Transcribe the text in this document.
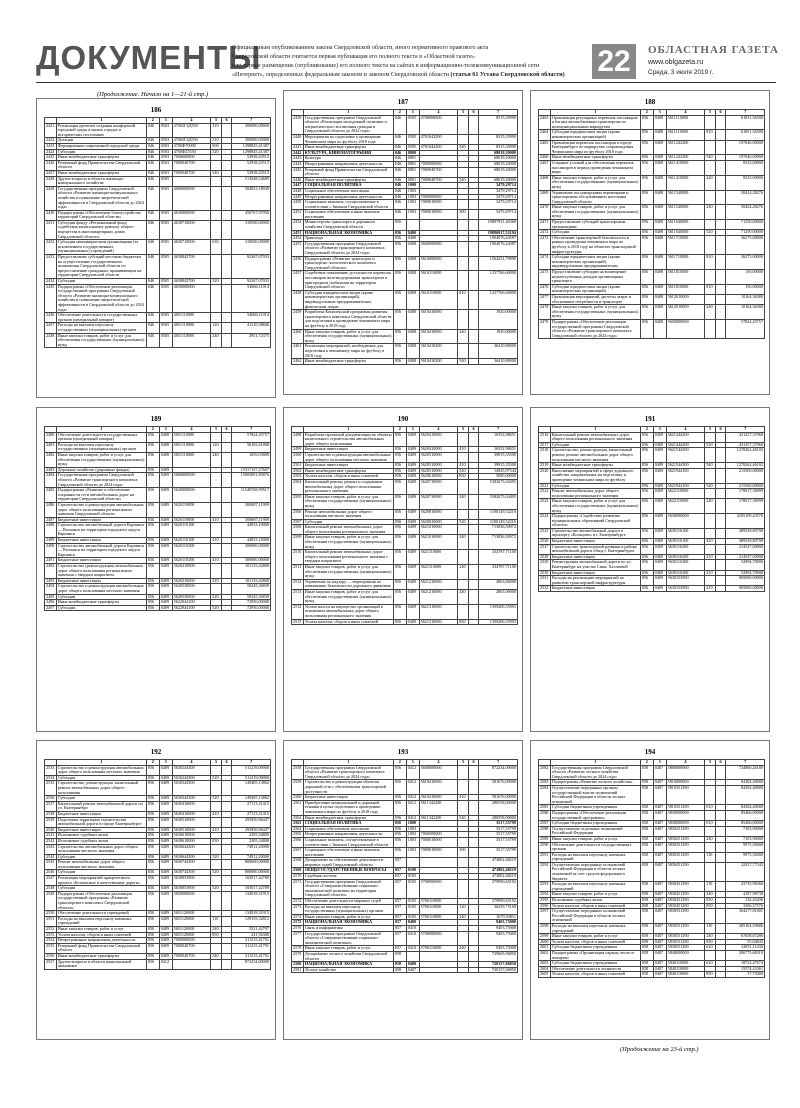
ДОКУМЕНТЫ
Официальным опубликованием закона Свердловской области, иного нормативного правового акта
Свердловской области считается первая публикация его полного текста в «Областной газете»
или первое размещение (опубликование) его полного текста на сайтах в информационно-телекоммуникационной сети
«Интернет», определенных федеральным законом и законом Свердловской области (статья 61 Устава Свердловской области)	22	ОБЛАСТНАЯ ГАЗЕТА
www.oblgazeta.ru
Среда, 3 июля 2019 г.
(Продолжение. Начало на 1—21-й стр.)
186
	1	2	3	4	5	6	7
2421	Реализация проектов создания комфортной городской среды в малых городах и исторических поселениях	046	0503	47002Г4Д550	310		300000,00000
2422	Дотации	046	0503	47002Г4Д550	510		300000,00000
2423	Формирование современной городской среды	046	0503	4700Ф70000	500		1298845,41387
2424	Субсидии	046	0503	4700Ф25550	520		1298845,41387
2425	Иные межбюджетные трансферты	046	0503	7000000000			52938,43515
2426	Резервный фонд Правительства Свердловской области	046	0503	7000040700			52938,43515
2427	Иные межбюджетные трансферты	046	0503	7000040700	540		52938,43515
2428	Другие вопросы в области жилищно-коммунального хозяйства	046	0505				513048,54689
2429	Государственная программа Свердловской области «Развитие жилищно-коммунального хозяйства и повышение энергетической эффективности в Свердловской области до 2024 года»	046	0505	4600000000			504833,18949
2430	Подпрограмма «Обеспечение благоустройства территорий Свердловской области»	046	0505	4630000000			450767,07956
2431	Субсидии фонду «Региональный фонд содействия капитальному ремонту общего имущества в многоквартирных домах Свердловской области»	046	0505	4630710000			318500,00000
2432	Субсидии некоммерческим организациям (за исключением государственных (муниципальных) учреждений)	046	0505	4630710000	630		318500,00000
2433	Предоставление субсидий местным бюджетам на осуществление государственного полномочия Свердловской области по предоставлению гражданам, проживающим на территории Свердловской области	046	0505	4630842700			92267,07933
2434	Субсидии	046	0505	4630842700	520		92267,07933
2435	Подпрограмма «Обеспечение реализации государственной программы Свердловской области «Развитие жилищно-коммунального хозяйства и повышение энергетической эффективности в Свердловской области до 2024 года»	046	0505	4650000000			54066,11014
2436	Обеспечение деятельности государственных органов (центральный аппарат)	046	0505	4651110000			54066,11014
2437	Расходы на выплаты персоналу государственных (муниципальных) органов	046	0505	4651110000	120		41210,38606
2438	Иные закупки товаров, работ и услуг для обеспечения государственных (муниципальных) нужд	046	0505	4651110000	240		2951,72375
187
	1	2	3	4	5	6	7
2439	Государственная программа Свердловской области «Реализация молодежной политики и патриотического воспитания граждан в Свердловской области до 2024 года»	046	0505	4700000000			8315,35990
2440	Мероприятия по подготовке к проведению Чемпионата мира по футболу 2018 года	046	0505	4701042200			8315,35990
2441	Иные межбюджетные трансферты	046	0505	4701042200	540		8315,35990
2442	КУЛЬТУРА, КИНЕМАТОГРАФИЯ	046	0800				68019,20000
2443	Культура	046	0801				68019,20000
2444	Непрограммные направления деятельности	046	0801	7000000000			68019,20000
2445	Резервный фонд Правительства Свердловской области	046	0801	7000040700			68019,20000
2446	Иные межбюджетные трансферты	046	0801	7000040700	540		68019,20000
2447	СОЦИАЛЬНАЯ ПОЛИТИКА	046	1000				3479,29714
2448	Социальное обеспечение населения	046	1003				3479,29714
2449	Непрограммные направления деятельности	046	1003	7000000000			3479,29714
2450	Социальные выплаты, осуществляемые в соответствии с Законом Свердловской области	046	1003	7000010000			3479,29714
2451	Социальное обеспечение и иные выплаты населению	046	1003	7000010000	300		3479,29714
2452	Министерство транспорта и дорожного хозяйства Свердловской области	056					19897931,40360
2453	НАЦИОНАЛЬНАЯ ЭКОНОМИКА	056	0400				19886917,52194
2454	Транспорт	056	0408				1904076,24587
2455	Государственная программа Свердловской области «Развитие транспортного комплекса Свердловской области до 2024 года»	056	0408	5600000000			1904076,24587
2456	Подпрограмма «Развитие транспорта и транспортно-логистического комплекса Свердловской области»	056	0408	5610000000			1564251,79890
2457	Содействие повышению доступности перевозок пассажиров железнодорожным транспортом в пригородном сообщении на территории Свердловской области	056	0408	5610110000			1237766,60000
2458	Субсидии юридическим лицам (кроме некоммерческих организаций), индивидуальным предпринимателям, физическим лицам	056	0408	5610110000	810		1237766,60000
2459	Разработка Комплексной программы развития транспортного комплекса Свердловской области для подготовки к проведению чемпионата мира по футболу в 2018 году	056	0408	5610410000			1920,00000
2460	Иные закупки товаров, работ и услуг для обеспечения государственных (муниципальных) нужд	056	0408	5610410000	240		1920,00000
2461	Реализация мероприятий, необходимых для подготовки к чемпионату мира по футболу в 2018 году	056	0408	5610410200			36410,80000
2462	Иные межбюджетные трансферты	056	0408	5610410200	540		36410,80000
188
	1	2	3	4	5	6	7
2463	Организация регулярных перевозок пассажиров и багажа автомобильным транспортом по межмуниципальным маршрутам	056	0408	5611110000			61051,56500
2464	Субсидии юридическим лицам (кроме некоммерческих организаций)	056	0408	5611110000	810		61051,56500
2465	Организация перевозок пассажиров в городе Екатеринбурге по маршрутам сопровождения Чемпионата мира по футболу 2018 года	056	0408	5611242200			197046,00000
2466	Иные межбюджетные трансферты	056	0408	5611242200	540		197046,00000
2467	Создание условий для обеспечения перевозок пассажиров в период проведения чемпионата мира	056	0408	5611410000			8325,00000
2468	Иные закупки товаров, работ и услуг для обеспечения государственных (муниципальных) нужд	056	0408	5611410000	240		8325,00000
2469	Управление пассажирскими перевозками и транспортным обслуживанием населения Свердловской области	056	0408	5611540000			50424,28276
2470	Иные закупки товаров, работ и услуг для обеспечения государственных (муниципальных) нужд	056	0408	5611540000	240		50424,28276
2471	Предоставление субсидий транспортным организациям	056	0408	5611640000			71250,00000
2472	Субсидии	056	0408	5611640000	520		71250,00000
2473	Обеспечение транспортной безопасности в рамках проведения чемпионата мира по футболу в 2018 году на объектах транспортной инфраструктуры	056	0408	5611710000			36275,00000
2474	Субсидии юридическим лицам (кроме некоммерческих организаций), индивидуальным предпринимателям	056	0408	5611710000	810		36275,00000
2475	Предоставление субсидии на возмещение недополученных доходов организациям транспорта	056	0408	5611810000			150,00000
2476	Субсидии юридическим лицам (кроме некоммерческих организаций)	056	0408	5611810000	810		150,00000
2477	Организация мероприятий, расчеты затрат и обоснование потребности в транспорте	056	0408	5612010000			10164,36380
2478	Иные закупки товаров, работ и услуг для обеспечения государственных (муниципальных) нужд	056	0408	5612010000	240		10164,36380
2479	Подпрограмма «Обеспечение реализации государственной программы Свердловской области «Развитие транспортного комплекса Свердловской области до 2024 года»	056	0408	5650000000			57824,45757
189
	1	2	3	4	5	6	7
2480	Обеспечение деятельности государственных органов (центральный аппарат)	056	0408	5651110000			57824,45757
2481	Расходы на выплаты персоналу государственных (муниципальных) органов	056	0408	5651110000	120		56165,41868
2482	Иные закупки товаров, работ и услуг для обеспечения государственных (муниципальных) нужд	056	0408	5651110000	240		1659,03889
2483	Дорожное хозяйство (дорожные фонды)	056	0409				15317107,27607
2484	Государственная программа Свердловской области «Развитие транспортного комплекса Свердловской области до 2024 года»	056	0409	5600000000			15005891,85876
2485	Подпрограмма «Развитие и обеспечение сохранности сети автомобильных дорог на территории Свердловской области»	056	0409	5620000000			11549768,99517
2486	Строительство и реконструкция автомобильных дорог общего пользования регионального значения Свердловской области	056	0409	5620110000			300687,11909
2487	Бюджетные инвестиции	056	0409	5620110000	410		300687,11909
2488	Строительство автомобильной дороги Карпинск — Волчанск на территории городского округа Карпинск	056	0409	5620110100			44833,10000
2489	Бюджетные инвестиции	056	0409	5620110100	410		44833,10000
2490	Строительство автомобильной дороги Карпинск — Волчанск на территории городского округа Карпинск	056	0409	5620110200			300000,00000
2491	Бюджетные инвестиции	056	0409	5620110200	410		300000,00000
2492	Строительство (реконструкция) автомобильных дорог общего пользования регионального значения с твердым покрытием	056	0409	5620210000			101135,42800
2493	Бюджетные инвестиции	056	0409	5620210000	410		101135,42800
2494	Строительство и реконструкция автомобильных дорог общего пользования местного значения	056	0409	5620530000			59245,36839
2495	Субсидии	056	0409	5620530000	520		59245,36839
2496	Иные межбюджетные трансферты	056	0409	5622944100			72950,00000
2497	Субсидии	056	0409	5622944100	520		72950,00000
190
	1	2	3	4	5	6	7
2498	Разработка проектной документации на объекты капитального строительства автомобильных дорог общего пользования	056	0409	5620410000			16552,98651
2499	Бюджетные инвестиции	056	0409	5620410000	410		16552,98651
2500	Строительство и реконструкция автомобильных дорог общего пользования местного значения	056	0409	5620510000			39815,35500
2501	Бюджетные инвестиции	056	0409	5620510000	410		39815,35500
2502	Иные межбюджетные трансферты	056	0409	5620510000	540		14945,07544
2503	Уплата налогов, сборов и иных платежей	056	0409	5620610000	850		5000,00000
2504	Капитальный ремонт, ремонт и содержание автомобильных дорог общего пользования регионального значения	056	0409	5620710000			5382675,04495
2505	Иные закупки товаров, работ и услуг для обеспечения государственных (муниципальных) нужд	056	0409	5620710000	240		5382675,04495
2506	Ремонт автомобильных дорог общего пользования местного значения	056	0409	5620810000			1100149,52216
2507	Субсидии	056	0409	5620810000	520		1100149,52216
2508	Капитальный ремонт автомобильных дорог общего пользования регионального значения	056	0409	5621010000			713836,50972
2509	Иные закупки товаров, работ и услуг для обеспечения государственных (муниципальных) нужд	056	0409	5621010000	240		713836,50972
2510	Капитальный ремонт автомобильных дорог общего пользования регионального значения с твердым покрытием	056	0409	5621110000			334787,71100
2511	Иные закупки товаров, работ и услуг для обеспечения государственных (муниципальных) нужд	056	0409	5621110000	240		334787,71100
2512	Управление по надзору — мероприятия по повышению безопасности дорожного движения	056	0409	5621210000			2863,06000
2513	Иные закупки товаров, работ и услуг для обеспечения государственных (муниципальных) нужд	056	0409	5621210000	240		2863,06000
2514	Уплата налога на имущество организаций в отношении автомобильных дорог общего пользования регионального значения	056	0409	5621310000			1399206,55993
2515	Уплата налогов, сборов и иных платежей	056	0409	5621310000	850		1399206,55993
191
	1	2	3	4	5	6	7
2516	Капитальный ремонт автомобильных дорог общего пользования регионального значения	056	0409	5621444200			431257,37968
2517	Субсидии	056	0409	5621444200	520		431257,37968
2518	Строительство, реконструкция, капитальный ремонт, ремонт автомобильных дорог общего пользования местного значения	056	0409	5621544300			1278262,46102
2519	Иные межбюджетные трансферты	056	0409	5621544300	540		1278262,46102
2520	Выполнение мероприятий в сфере дорожного хозяйства, направленных на подготовку и проведение чемпионата мира по футболу	056	0409	5621944100			215500,00000
2521	Субсидии	056	0409	5621944100	520		215500,00000
2522	Ремонт автомобильных дорог общего пользования регионального значения	056	0409	5622110000			170017,39099
2523	Иные закупки товаров, работ и услуг для обеспечения государственных (муниципальных) нужд	056	0409	5622110000	240		170017,39099
2524	Подпрограмма «Содействие развитию муниципальных образований Свердловской области»	056	0409	5630000000			4185109,43570
2525	Строительство автомобильной дороги к аэропорту «Кольцово» в г. Екатеринбурге	056	0409	5630116100			489358,80708
2526	Бюджетные инвестиции	056	0409	5630116100	410		489358,80708
2527	Строительство транспортной развязки в районе автомобильной дороги обход г. Екатеринбурга	056	0409	5630116200			214547,00000
2528	Бюджетные инвестиции	056	0409	5630116200	410		214547,00000
2529	Реконструкция автомобильной дороги по ул. Екатеринбург на участке Сима, Халлаевой	056	0409	5630116300			52994,70000
2530	Бюджетные инвестиции	056	0409	5630116300	410		52994,70000
2531	Расходы на реализацию мероприятий по развитию транспортной инфраструктуры	056	0409	5630153900			905000,00000
2532	Бюджетные инвестиции	056	0409	5630153900	410		905000,00000
192
	1	2	3	4	5	6	7
2533	Строительство и реконструкция автомобильных дорог общего пользования местного значения	056	0409	5630244300			511219,00000
2534	Субсидии	056	0409	5630244300	520		511219,00000
2535	Строительство, реконструкция, капитальный ремонт автомобильных дорог общего пользования	056	0409	5630344300			149405,13862
2536	Субсидии	056	0409	5630344300	520		149405,13862
2537	Капитальный ремонт автомобильной дороги по ул. Екатеринбург	056	0409	5630416000			27113,31415
2538	Бюджетные инвестиции	056	0409	5630416000	410		27113,31415
2539	Подготовка территории строительства автомобильной дороги в городе Екатеринбурге	056	0409	5630510000			293950,96447
2540	Бюджетные инвестиции	056	0409	5630510000	410		293950,96447
2541	Исполнение судебных актов	056	0409	5630610000			2305,34800
2542	Исполнение судебных актов	056	0409	5630610000	830		2305,34800
2543	Строительство автомобильных дорог общего пользования местного значения	056	0409	5630644300			74912,20000
2544	Субсидии	056	0409	5630644300	520		74912,20000
2545	Ремонт автомобильных дорог общего пользования местного значения	056	0409	5630744300			800000,00000
2546	Субсидии	056	0409	5630744300	520		800000,00000
2547	Реализация мероприятий приоритетного проекта «Безопасные и качественные дороги»	056	0409	5630853900			165017,42789
2548	Субсидии	056	0409	5630853900	520		165017,42789
2549	Подпрограмма «Обеспечение реализации государственной программы «Развитие транспортного комплекса Свердловской области»	056	0409	5650000000			134918,31915
2550	Обеспечение деятельности учреждений	056	0409	5651120000			134918,31915
2551	Расходы на выплаты персоналу казенных учреждений	056	0409	5651120000	110		129155,32812
2552	Иные закупки товаров, работ и услуг	056	0409	5651120000	240		5521,42797
2553	Уплата налогов, сборов и иных платежей	056	0409	5651120000	850		241,56306
2554	Непрограммные направления деятельности	056	0409	7000000000			311215,41791
2555	Резервный фонд Правительства Свердловской области	056	0409	7000040700			311215,41791
2556	Иные межбюджетные трансферты	056	0409	7000040700	540		311215,41791
2557	Другие вопросы в области национальной экономики	056	0412				872234,00000
193
	1	2	3	4	5	6	7
2558	Государственная программа Свердловской области «Развитие транспортного комплекса Свердловской области до 2024 года»	056	0412	5600000000			872234,00000
2559	Строительство и реконструкция объектов дорожной сети с обеспечением транспортной доступности	056	0412	5610410000			581676,00000
2560	Бюджетные инвестиции	056	0412	5610410000	410		581676,00000
2561	Приобретение коммунальной и дорожной техники в целях подготовки к проведению чемпионата мира по футболу в 2018 году	056	0412	5611342200			280558,00000
2562	Иные межбюджетные трансферты	056	0412	5611342200	540		280558,00000
2563	СОЦИАЛЬНАЯ ПОЛИТИКА	056	1000				3517,55799
2564	Социальное обеспечение населения	056	1003				3517,55799
2565	Непрограммные направления деятельности	056	1003	7000000000			3517,55799
2566	Социальные выплаты, осуществляемые в соответствии с Законом Свердловской области	056	1003	7000010000			3517,55799
2567	Социальное обеспечение и иные выплаты населению	056	1003	7000010000	300		3517,55799
2568	Департамент по обеспечению деятельности мировых судей Свердловской области	057					473802,48219
2569	ОБЩЕГОСУДАРСТВЕННЫЕ ВОПРОСЫ	057	0100				473802,48219
2570	Судебная система	057	0105				473802,48219
2571	Государственная программа Свердловской области «Совершенствование социально-экономической политики на территории Свердловской области»	057	0105	5700000000			379990,65192
2572	Обеспечение деятельности мировых судей	057	0105	5700110000			379990,65192
2573	Расходы на выплаты персоналу государственных (муниципальных) органов	057	0105	5700110000	120		36259,75169
2574	Иные закупки товаров, работ и услуг	057	0105	5700110000	240		1679,93811
2575	НАЦИОНАЛЬНАЯ ЭКОНОМИКА	057	0400				9403,75000
2576	Связь и информатика	057	0410				9403,75000
2577	Государственная программа Свердловской области «Совершенствование социально-экономической политики»	057	0410	5700000000			9403,75000
2578	Иные закупки товаров, работ и услуг	057	0410	5700110000	240		9403,75000
2579	Департамент лесного хозяйства Свердловской области	058					729665,06850
2580	НАЦИОНАЛЬНАЯ ЭКОНОМИКА	058	0400				720157,06850
2581	Лесное хозяйство	058	0407				720157,06850
194
	1	2	3	4	5	6	7
2582	Государственная программа Свердловской области «Развитие лесного хозяйства Свердловской области до 2024 года»	058	0407	5800000000			724860,26180
2583	Подпрограмма «Развитие лесного хозяйства»	058	0407	5810000000			84304,40000
2584	Осуществление переданных органам государственной власти полномочий Российской Федерации в области лесных отношений	058	0407	5810351290			84304,40000
2585	Субсидии бюджетным учреждениям	058	0407	5810351290	610		84304,40000
2586	Подпрограмма «Обеспечение реализации государственной программы»	058	0407	5830000000			85466,00000
2587	Субсидии бюджетным учреждениям	058	0407	5830000000	610		85466,00000
2588	Осуществление отдельных полномочий Российской Федерации	058	0407	5830251290			7103,90000
2589	Иные закупки товаров, работ и услуг	058	0407	5830251290	240		7103,90000
2590	Обеспечение деятельности государственных органов	058	0407	5830351290			9975,50000
2591	Расходы на выплаты персоналу казенных учреждений	058	0407	5830351290	110		9975,50000
2592	Осуществление переданных полномочий Российской Федерации в области лесных отношений за счет средств федерального бюджета	058	0407	5830451290			32357,77343
2593	Расходы на выплаты персоналу казенных учреждений	058	0407	5830451290	110		23735,98366
2594	Иные закупки товаров, работ и услуг	058	0407	5830451290	240		4187,98738
2595	Исполнение судебных актов	058	0407	5830451290	830		134,43436
2596	Уплата налогов, сборов и иных платежей	058	0407	5830451290	850		3306,37576
2597	Осуществление переданных полномочий Российской Федерации в области лесных отношений	058	0407	5830551290			364277,81001
2598	Расходы на выплаты персоналу казенных учреждений	058	0407	5830551290	110		285164,59686
2599	Иные закупки товаров, работ и услуг	058	0407	5830551290	240		67658,67286
2600	Уплата налогов, сборов и иных платежей	058	0407	5830551290	850		55,04843
2601	Субсидии бюджетным учреждениям	058	0407	5830551290	610		32051,11430
2602	Подпрограмма «Организация охраны лесов от пожаров»	058	0407	5840000000			206775,68310
2603	Субсидии бюджетным учреждениям	058	0407	5840110000	610		18722,47674
2604	Обеспечение деятельности лесничеств	058	0407	5840110000			15574,43361
2605	Уплата налогов, сборов и иных платежей	058	0407	5840110000	850		37,75000
(Продолжение на 23-й стр.)
